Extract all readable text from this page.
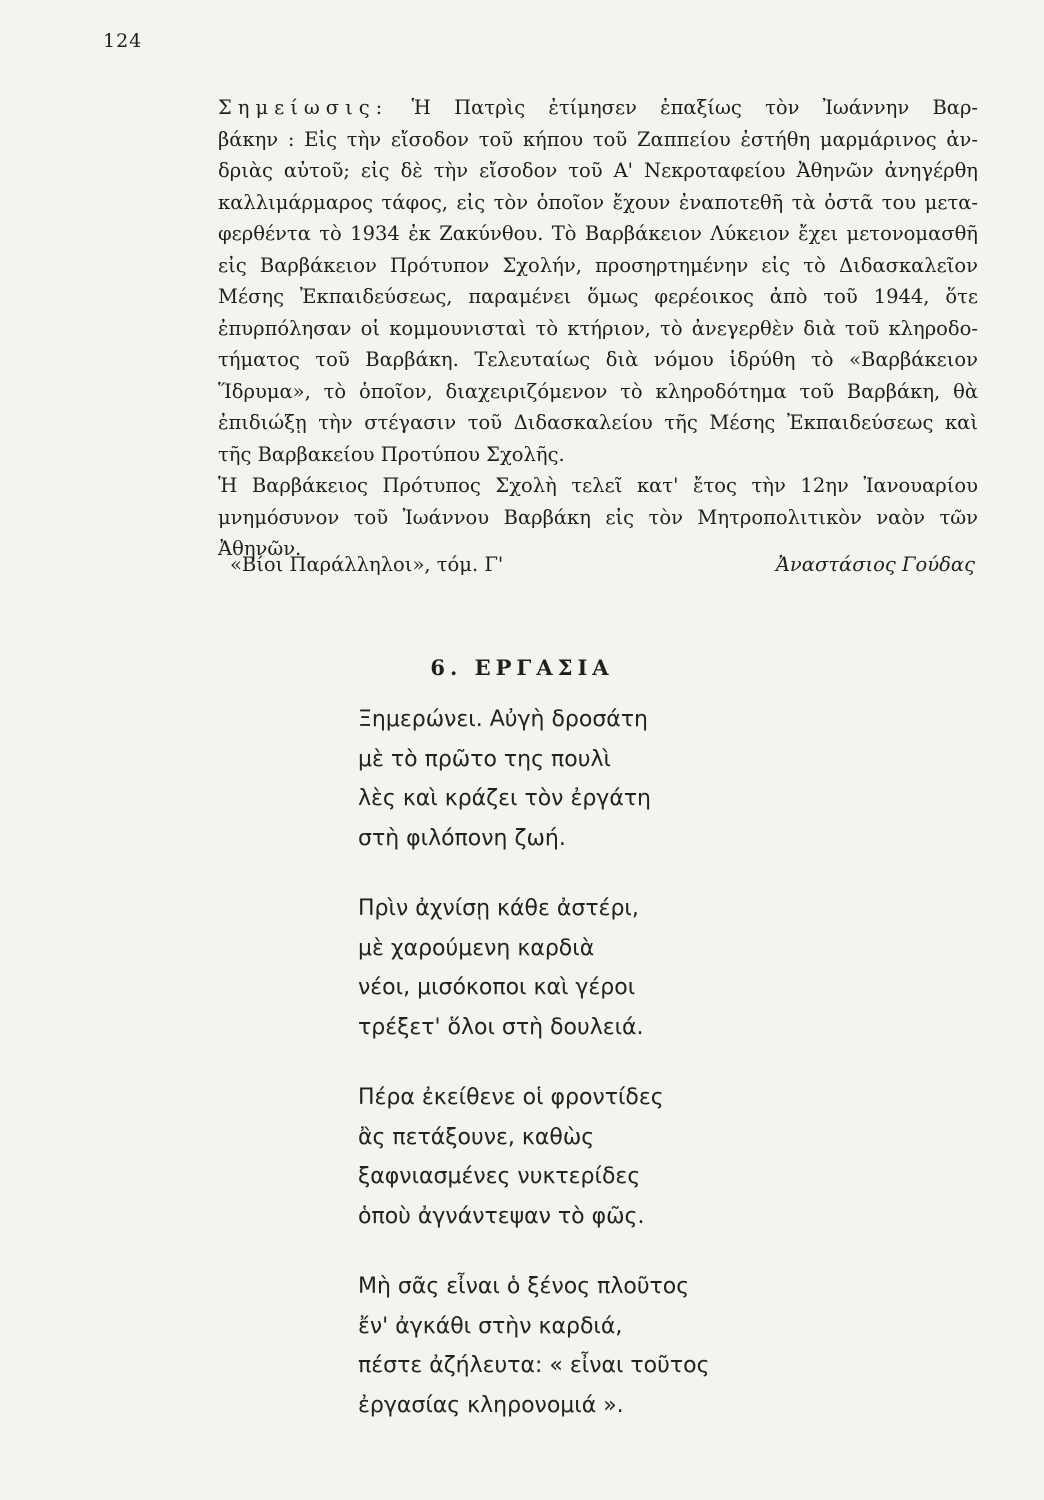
124
Σημείωσις: Ἡ Πατρὶς ἐτίμησεν ἐπαξίως τὸν Ἰωάννην Βαρ-
βάκην : Εἰς τὴν εἴσοδον τοῦ κήπου τοῦ Ζαππείου ἐστήθη μαρμάρινος ἀν-
δριὰς αὐτοῦ; εἰς δὲ τὴν εἴσοδον τοῦ Α' Νεκροταφείου Ἀθηνῶν ἀνηγέρθη
καλλιμάρμαρος τάφος, εἰς τὸν ὁποῖον ἔχουν ἐναποτεθῆ τὰ ὀστᾶ του μετα-
φερθέντα τὸ 1934 ἐκ Ζακύνθου. Τὸ Βαρβάκειον Λύκειον ἔχει μετονομασθῆ
εἰς Βαρβάκειον Πρότυπον Σχολήν, προσηρτημένην εἰς τὸ Διδασκαλεῖον
Μέσης Ἐκπαιδεύσεως, παραμένει ὅμως φερέοικος ἀπὸ τοῦ 1944, ὅτε
ἐπυρπόλησαν οἱ κομμουνισταὶ τὸ κτήριον, τὸ ἀνεγερθὲν διὰ τοῦ κληροδο-
τήματος τοῦ Βαρβάκη. Τελευταίως διὰ νόμου ἱδρύθη τὸ «Βαρβάκειον
Ἵδρυμα», τὸ ὁποῖον, διαχειριζόμενον τὸ κληροδότημα τοῦ Βαρβάκη, θὰ
ἐπιδιώξῃ τὴν στέγασιν τοῦ Διδασκαλείου τῆς Μέσης Ἐκπαιδεύσεως καὶ
τῆς Βαρβακείου Προτύπου Σχολῆς.
Ἡ Βαρβάκειος Πρότυπος Σχολὴ τελεῖ κατ' ἔτος τὴν 12ην Ἰανουαρίου
μνημόσυνον τοῦ Ἰωάννου Βαρβάκη εἰς τὸν Μητροπολιτικὸν ναὸν τῶν
Ἀθηνῶν.
«Βίοι Παράλληλοι», τόμ. Γ'	Ἀναστάσιος Γούδας
6. ΕΡΓΑΣΙΑ
Ξημερώνει. Αὐγὴ δροσάτη
μὲ τὸ πρῶτο της πουλὶ
λὲς καὶ κράζει τὸν ἐργάτη
στὴ φιλόπονη ζωή.
Πρὶν ἀχνίσῃ κάθε ἀστέρι,
μὲ χαρούμενη καρδιὰ
νέοι, μισόκοποι καὶ γέροι
τρέξετ' ὅλοι στὴ δουλειά.
Πέρα ἐκείθενε οἱ φροντίδες
ἂς πετάξουνε, καθὼς
ξαφνιασμένες νυκτερίδες
ὁποὺ ἀγνάντεψαν τὸ φῶς.
Μὴ σᾶς εἶναι ὁ ξένος πλοῦτος
ἔν' ἀγκάθι στὴν καρδιά,
πέστε ἀζήλευτα: « εἶναι τοῦτος
ἐργασίας κληρονομιά ».
